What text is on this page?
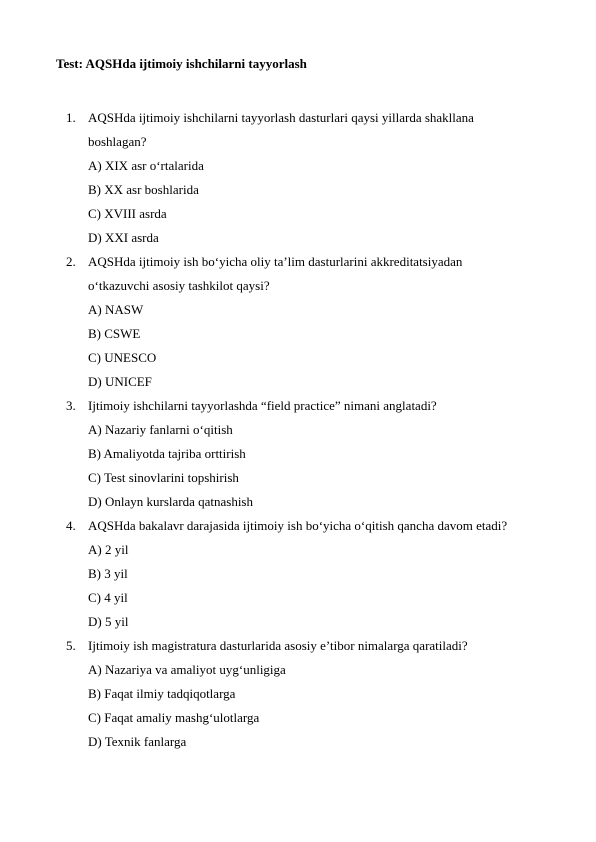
Test: AQSHda ijtimoiy ishchilarni tayyorlash
1. AQSHda ijtimoiy ishchilarni tayyorlash dasturlari qaysi yillarda shakllana
boshlagan?
A) XIX asr o‘rtalarida
B) XX asr boshlarida
C) XVIII asrda
D) XXI asrda
2. AQSHda ijtimoiy ish bo‘yicha oliy ta’lim dasturlarini akkreditatsiyadan
o‘tkazuvchi asosiy tashkilot qaysi?
A) NASW
B) CSWE
C) UNESCO
D) UNICEF
3. Ijtimoiy ishchilarni tayyorlashda “field practice” nimani anglatadi?
A) Nazariy fanlarni o‘qitish
B) Amaliyotda tajriba orttirish
C) Test sinovlarini topshirish
D) Onlayn kurslarda qatnashish
4. AQSHda bakalavr darajasida ijtimoiy ish bo‘yicha o‘qitish qancha davom etadi?
A) 2 yil
B) 3 yil
C) 4 yil
D) 5 yil
5. Ijtimoiy ish magistratura dasturlarida asosiy e’tibor nimalarga qaratiladi?
A) Nazariya va amaliyot uyg‘unligiga
B) Faqat ilmiy tadqiqotlarga
C) Faqat amaliy mashg‘ulotlarga
D) Texnik fanlarga
